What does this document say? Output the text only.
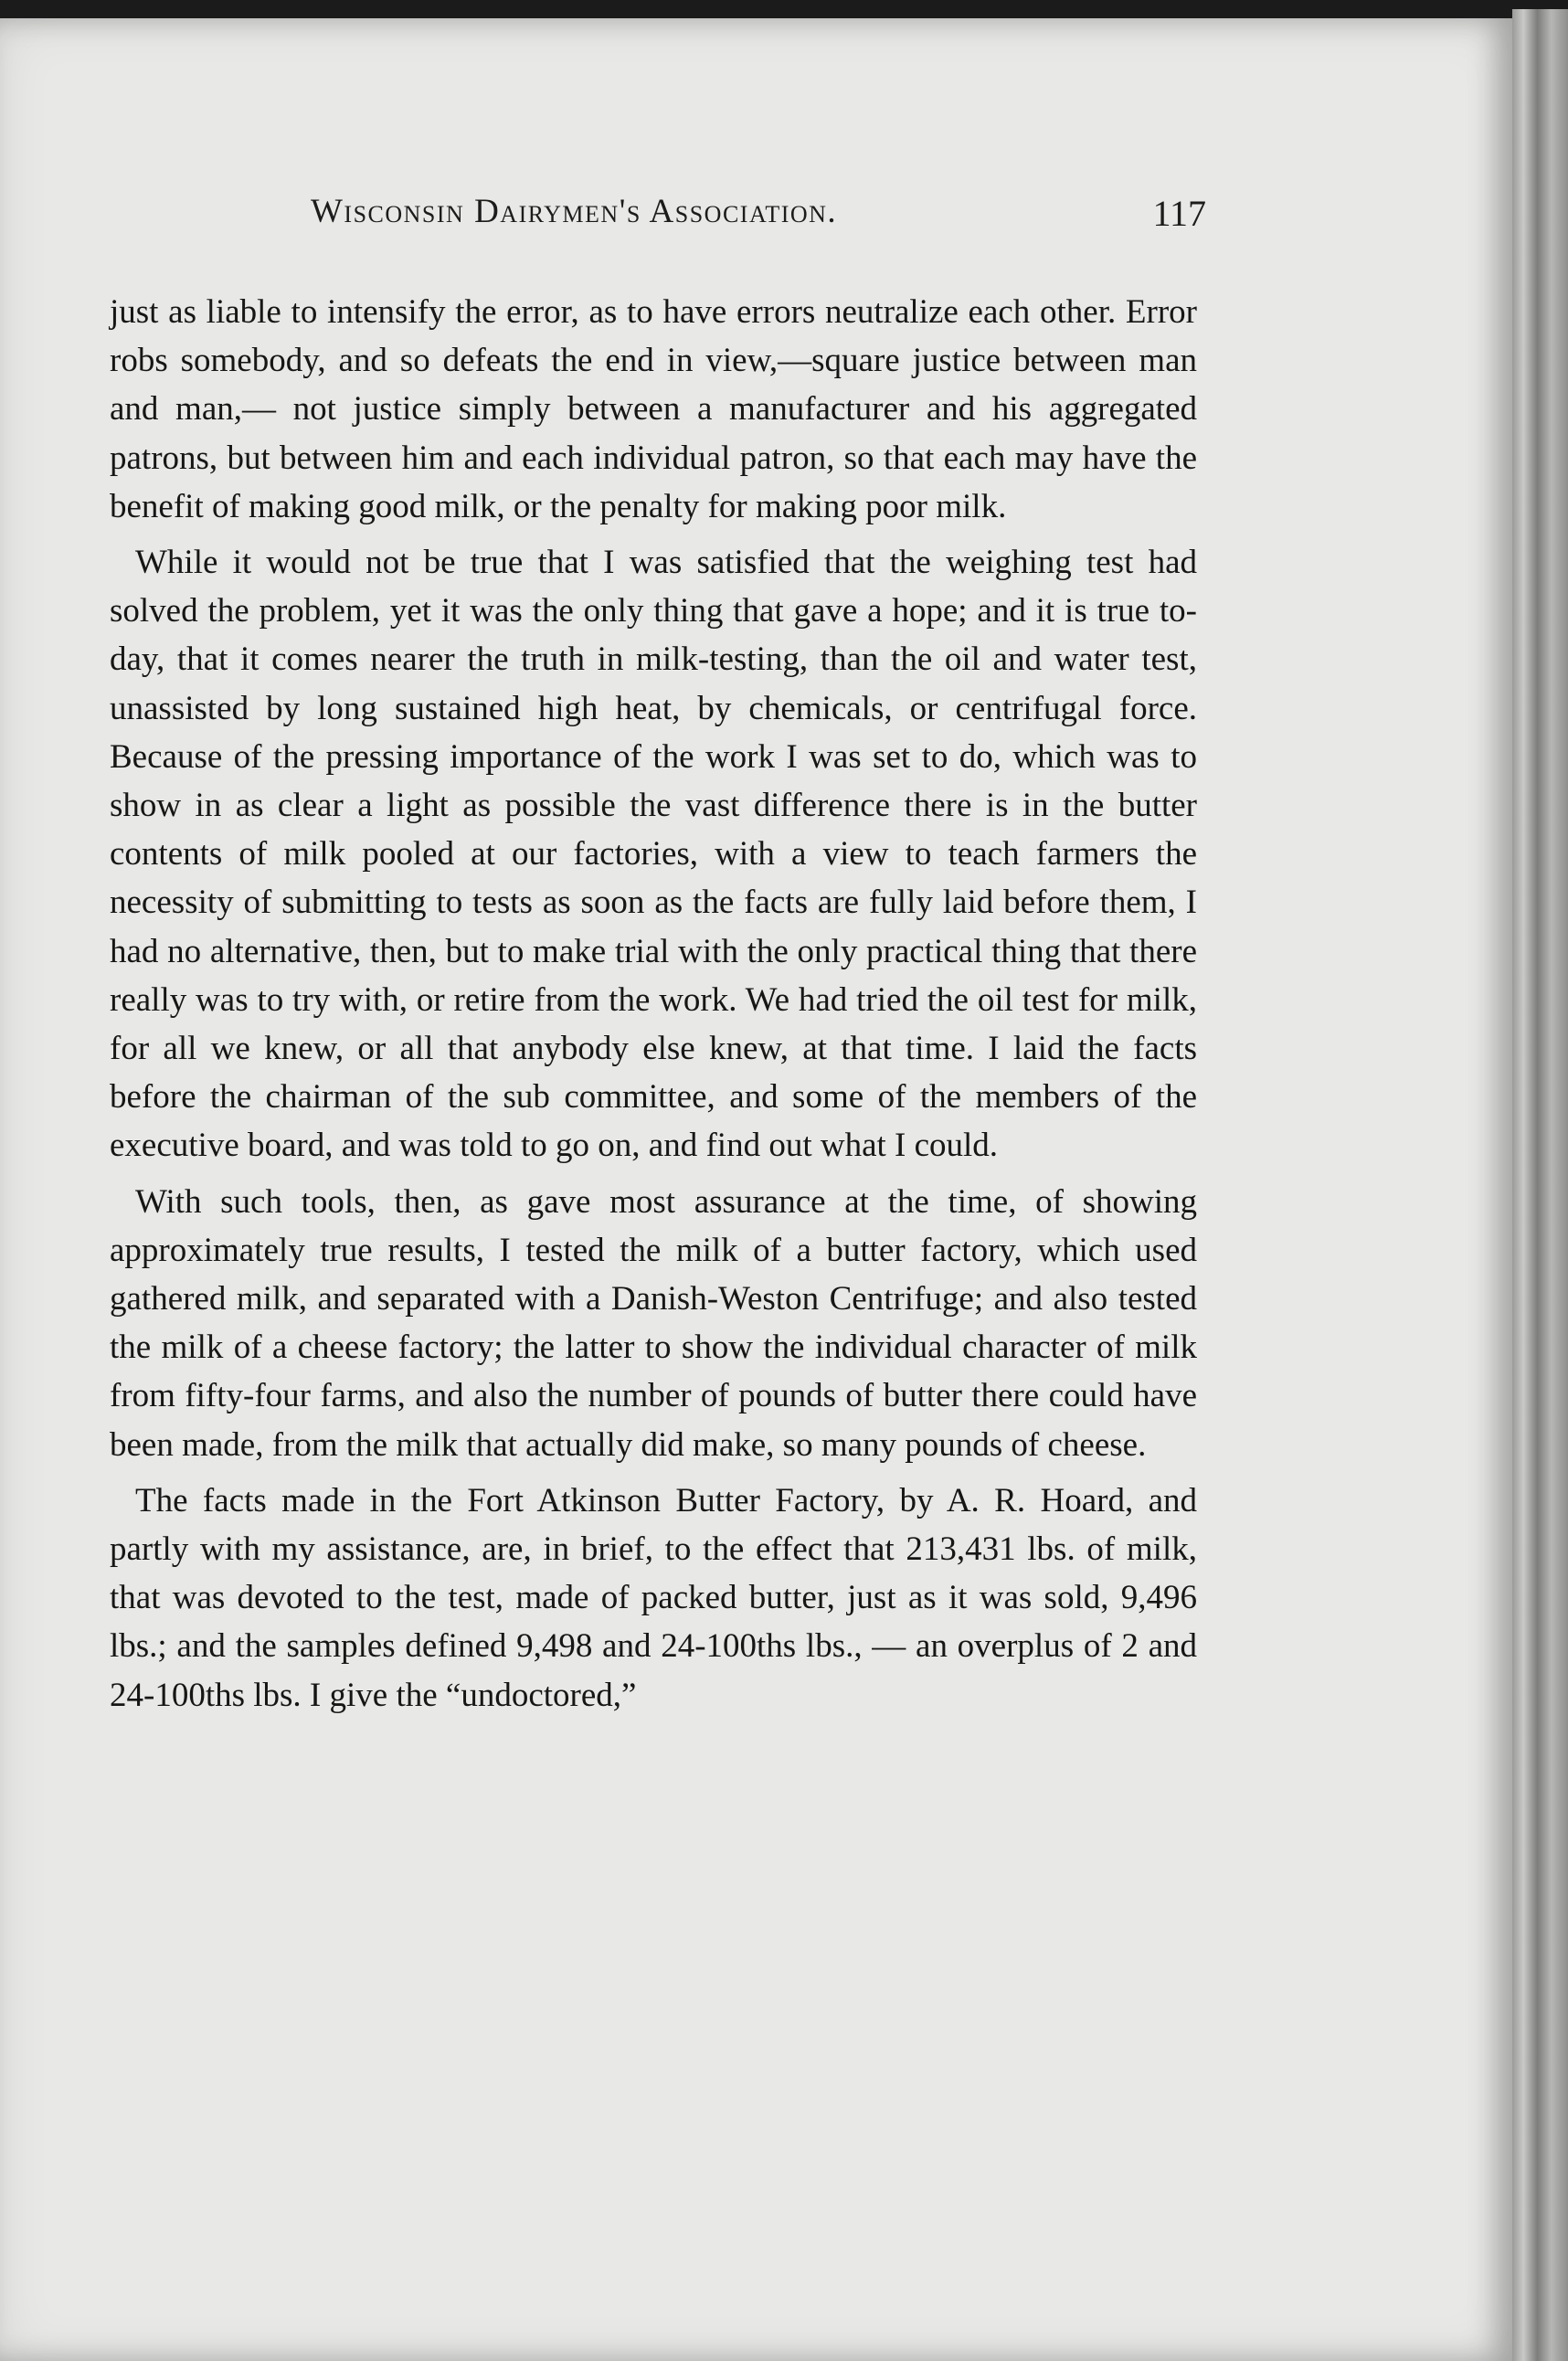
Wisconsin Dairymen's Association.	117

just as liable to intensify the error, as to have errors neutralize each other. Error robs somebody, and so defeats the end in view,—square justice between man and man,— not justice simply between a manufacturer and his aggregated patrons, but between him and each individual patron, so that each may have the benefit of making good milk, or the penalty for making poor milk.

While it would not be true that I was satisfied that the weighing test had solved the problem, yet it was the only thing that gave a hope; and it is true to-day, that it comes nearer the truth in milk-testing, than the oil and water test, unassisted by long sustained high heat, by chemicals, or centrifugal force. Because of the pressing importance of the work I was set to do, which was to show in as clear a light as possible the vast difference there is in the butter contents of milk pooled at our factories, with a view to teach farmers the necessity of submitting to tests as soon as the facts are fully laid before them, I had no alternative, then, but to make trial with the only practical thing that there really was to try with, or retire from the work. We had tried the oil test for milk, for all we knew, or all that anybody else knew, at that time. I laid the facts before the chairman of the sub committee, and some of the members of the executive board, and was told to go on, and find out what I could.

With such tools, then, as gave most assurance at the time, of showing approximately true results, I tested the milk of a butter factory, which used gathered milk, and separated with a Danish-Weston Centrifuge; and also tested the milk of a cheese factory; the latter to show the individual character of milk from fifty-four farms, and also the number of pounds of butter there could have been made, from the milk that actually did make, so many pounds of cheese.

The facts made in the Fort Atkinson Butter Factory, by A. R. Hoard, and partly with my assistance, are, in brief, to the effect that 213,431 lbs. of milk, that was devoted to the test, made of packed butter, just as it was sold, 9,496 lbs.; and the samples defined 9,498 and 24-100ths lbs., — an overplus of 2 and 24-100ths lbs. I give the “undoctored,”
